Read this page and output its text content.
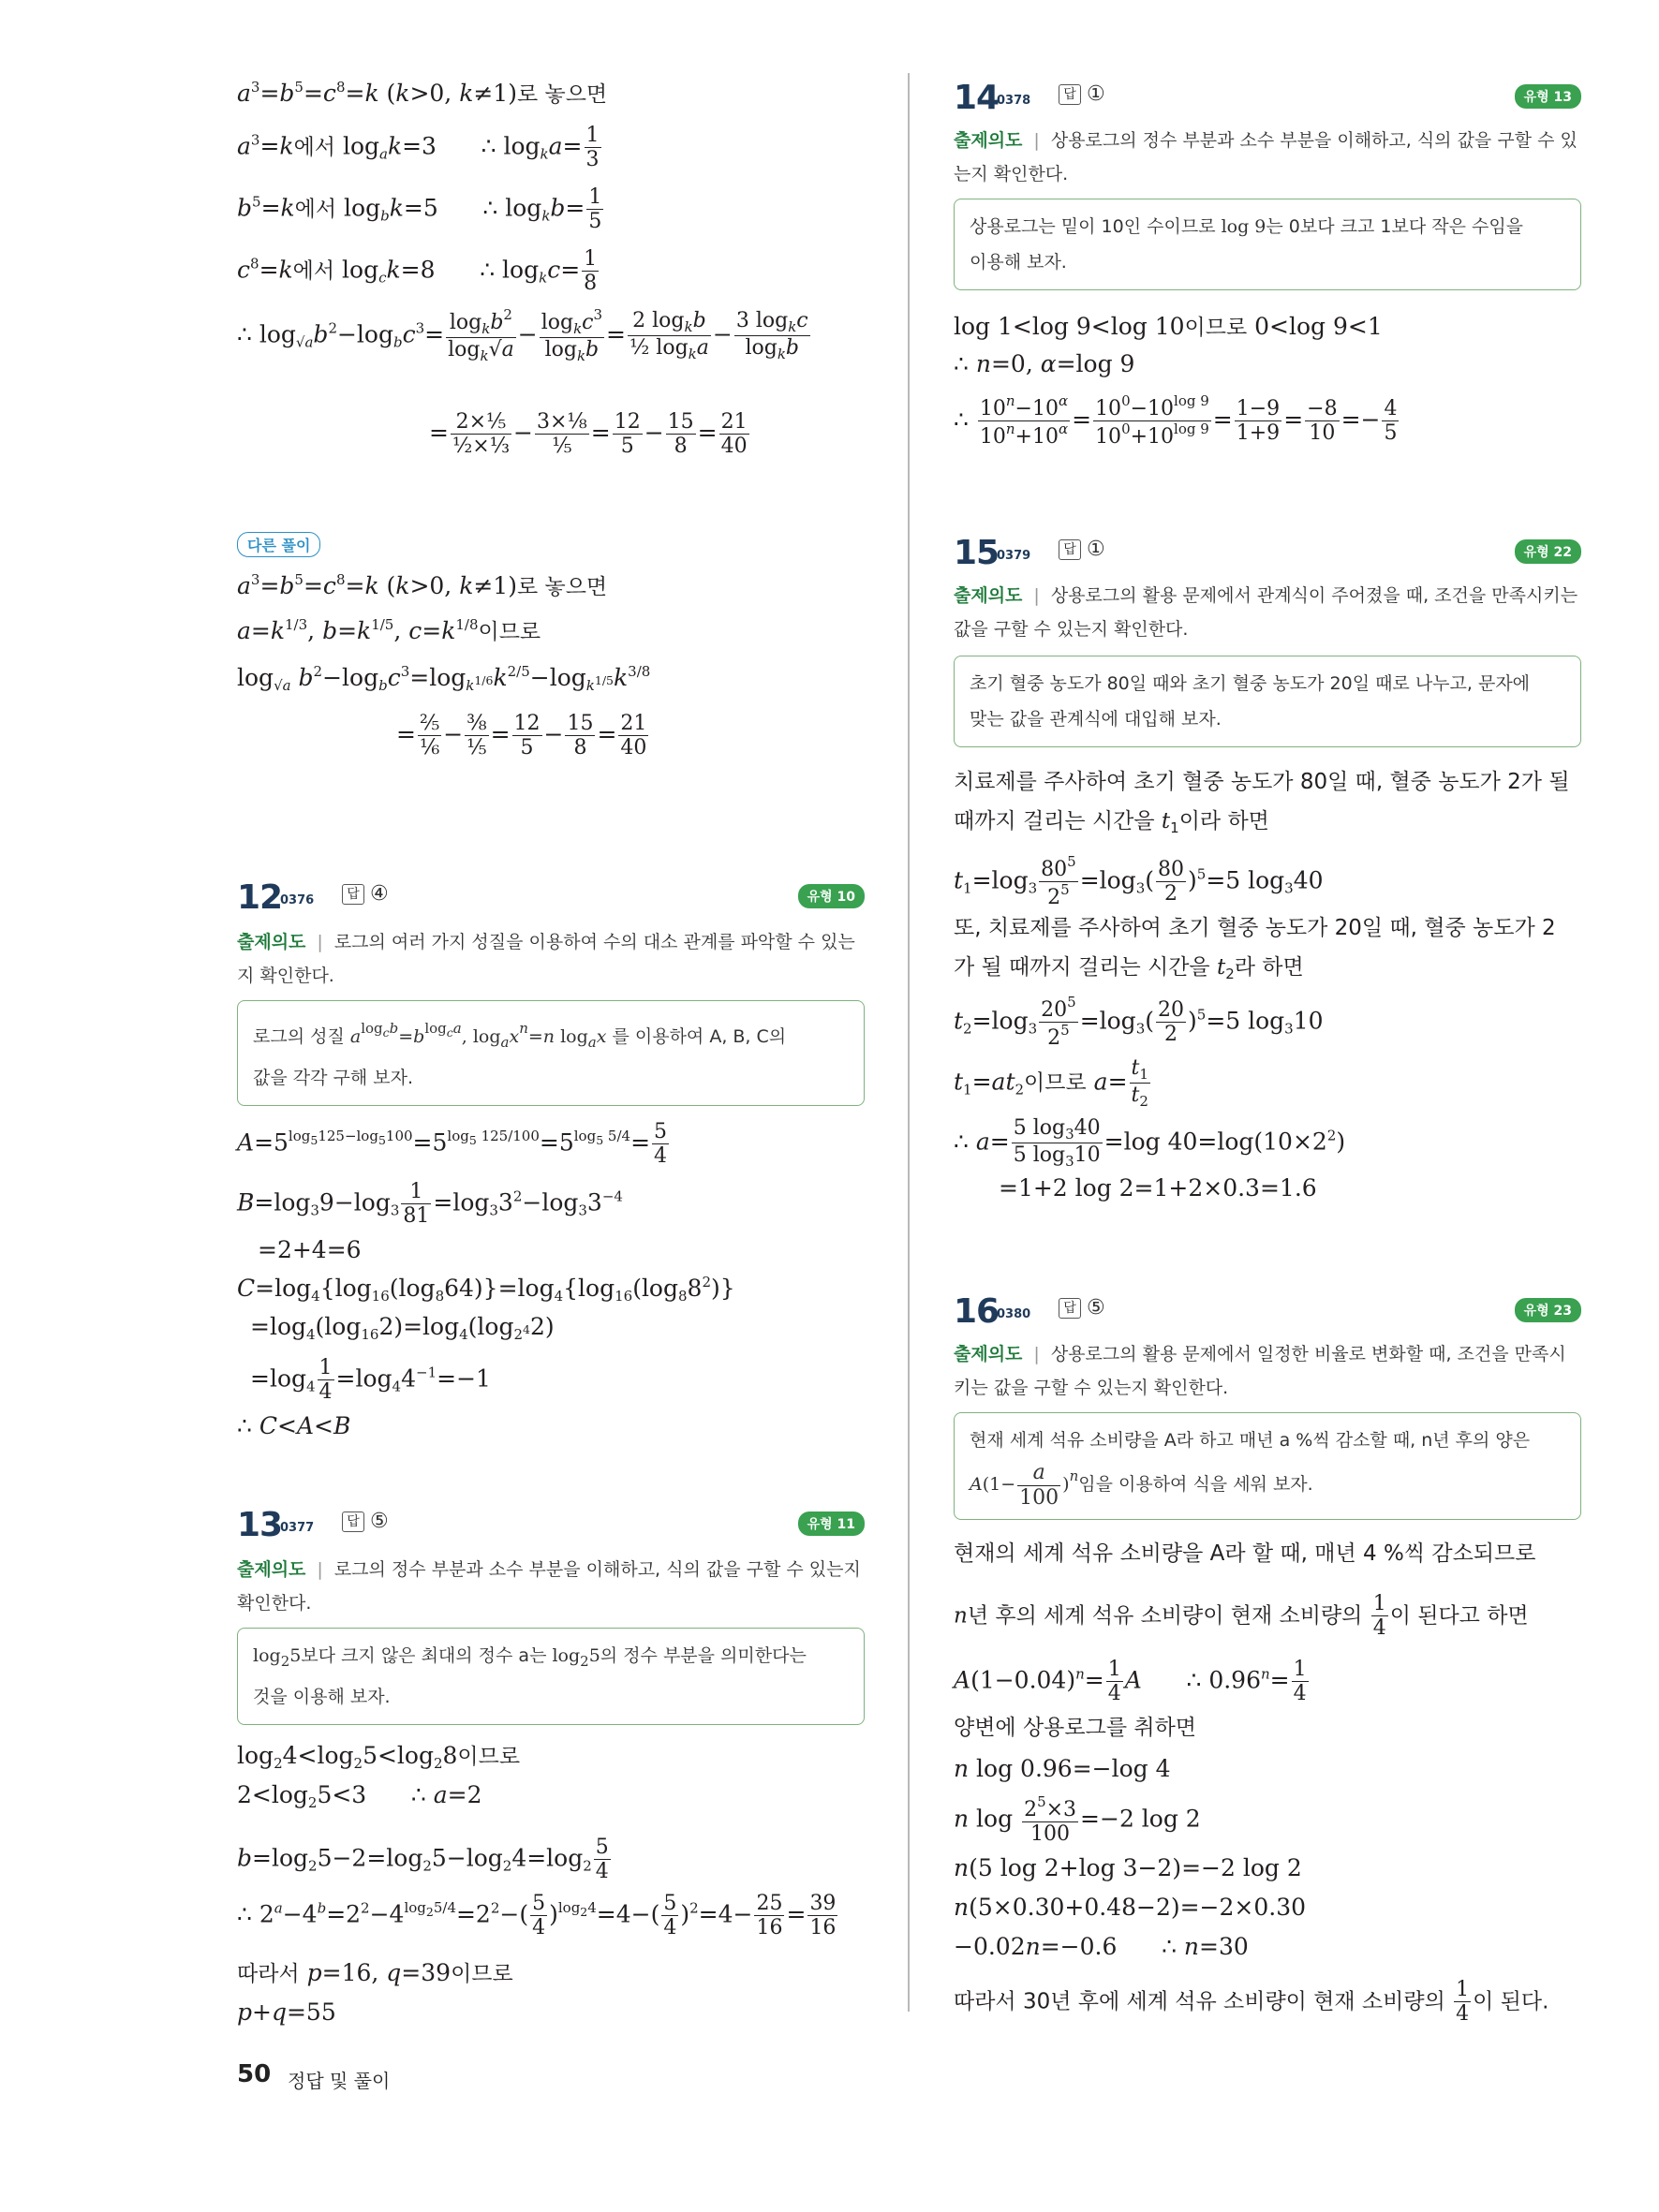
$a^3=b^5=c^8=k$ (k>0, k≠1)로 놓으면
$a^3=k$에서 $\log_ak=3$      ∴ $\log_ka= \frac{1}{3}$
$b^5=k$에서 $\log_bk=5$      ∴ $\log_kb= \frac{1}{5}$
$c^8=k$에서 $\log_ck=8$      ∴ $\log_kc= \frac{1}{8}$
∴ $\log_{√a}b^2-\log_bc^3= \frac{\log_kb^2}{\log_k√a} - \frac{\log_kc^3}{\log_kb} = \frac{2 \log_kb}{\frac{1}{2} \log_ka} - \frac{3 \log_kc}{\log_kb}$
= $\frac{\text{2×⅕}}{\text{½×⅓}} - \frac{\text{3×⅛}}{\text{⅕}} = \frac{12}{5} - \frac{15}{8} = \frac{21}{40}$
다른 풀이
$a^3=b^5=c^8=k$ (k>0, k≠1)로 놓으면
$a=k^{1/3}$, $b=k^{1/5}$, $c=k^{1/8}$이므로
$\log_{√a} b^2-\log_bc^3=\log_{k^{1/6}}k^{2/5}-\log_{k^{1/5}}k^{3/8}$
= $\frac{\text{⅖}}{\text{⅙}} - \frac{\text{⅜}}{\text{⅕}} = \frac{12}{5} - \frac{15}{8} = \frac{21}{40}$
12
0376	답 ④	유형 10
출제의도 | 로그의 여러 가지 성질을 이용하여 수의 대소 관계를 파악할 수 있는지 확인한다.
로그의 성질 $a^{log_cb}=b^{log_ca}$, $\log_ax^n=n$ $\log_ax$ 를 이용하여 A, B, C의
값을 각각 구해 보자.
$A=5^{log_5125-log_5100}=5^{log_5 125/100}=5^{log_5 5/4}= \frac{5}{4}$
$B=\log_39-\log_3 \frac{1}{81} =\log_33^2-\log_33^{-4}$
=2+4=6
$C=\log_4\{\log_{16}(\log_864)\}=\log_4\{\log_{16}(\log_88^2)\}$
$=\log_4(\log_{16}2)=\log_4(\log_{2^4}2)$
$=\log_4 \frac{1}{4} =\log_44^{-1}=-1$
∴ C<A<B
13
0377	답 ⑤	유형 11
출제의도 | 로그의 정수 부분과 소수 부분을 이해하고, 식의 값을 구할 수 있는지 확인한다.
$\log_25$보다 크지 않은 최대의 정수 a는 $\log_25$의 정수 부분을 의미한다는
것을 이용해 보자.
$\log_24<\log_25<\log_28$이므로
$2<\log_25<3$      ∴ a=2
$b=\log_25-2=\log_25-\log_24=\log_2 \frac{5}{4}$
∴ $2^a-4^b=2^2-4^{log_25/4}=2^2-( \frac{5}{4} )^{log_24}=4-( \frac{5}{4} )^2=4- \frac{25}{16} = \frac{39}{16}$
따라서 p=16, q=39이므로
p+q=55
14
0378	답 ①	유형 13
출제의도 | 상용로그의 정수 부분과 소수 부분을 이해하고, 식의 값을 구할 수 있는지 확인한다.
상용로그는 밑이 10인 수이므로 log 9는 0보다 크고 1보다 작은 수임을
이용해 보자.
log 1<log 9<log 10이므로 0<log 9<1
∴ n=0, α=log 9
∴ $\frac{10^n-10^\alpha}{10^n+10^\alpha} = \frac{10^0-10^{log 9}}{10^0+10^{log 9}} = \frac{1-9}{1+9} = \frac{-8}{10} =- \frac{4}{5}$
15
0379	답 ①	유형 22
출제의도 | 상용로그의 활용 문제에서 관계식이 주어졌을 때, 조건을 만족시키는 값을 구할 수 있는지 확인한다.
초기 혈중 농도가 80일 때와 초기 혈중 농도가 20일 때로 나누고, 문자에
맞는 값을 관계식에 대입해 보자.
치료제를 주사하여 초기 혈중 농도가 80일 때, 혈중 농도가 2가 될
때까지 걸리는 시간을 $t_1$이라 하면
$t_1=\log_3 \frac{80^5}{2^5} =\log_3( \frac{80}{2} )^5=5$ $\log_340$
또, 치료제를 주사하여 초기 혈중 농도가 20일 때, 혈중 농도가 2
가 될 때까지 걸리는 시간을 $t_2$라 하면
$t_2=\log_3 \frac{20^5}{2^5} =\log_3( \frac{20}{2} )^5=5$ $\log_310$
$t_1=at_2$이므로 $a= \frac{t_1}{t_2}$
∴ $a= \frac{5 \log_340}{5 \log_310} =\log$ $40=\log(10\times 2^2)$
=1+2 log 2=1+2×0.3=1.6
16
0380	답 ⑤	유형 23
출제의도 | 상용로그의 활용 문제에서 일정한 비율로 변화할 때, 조건을 만족시키는 값을 구할 수 있는지 확인한다.
현재 세계 석유 소비량을 A라 하고 매년 a %씩 감소할 때, n년 후의 양은
$A(1- \frac{a}{100} )^n$임을 이용하여 식을 세워 보자.
현재의 세계 석유 소비량을 A라 할 때, 매년 4 %씩 감소되므로
n년 후의 세계 석유 소비량이 현재 소비량의 $\frac{1}{4}$ 이 된다고 하면
$A(1-0.04)^n= \frac{1}{4}$ A      ∴ $0.96^n= \frac{1}{4}$
양변에 상용로그를 취하면
n log 0.96=−log 4
n $\log \frac{2^5\times 3}{100} =-2$ log 2
n(5 log 2+log 3−2)=−2 log 2
n(5×0.30+0.48−2)=−2×0.30
−0.02n=−0.6      ∴ n=30
따라서 30년 후에 세계 석유 소비량이 현재 소비량의 $\frac{1}{4}$ 이 된다.
50 정답 및 풀이
